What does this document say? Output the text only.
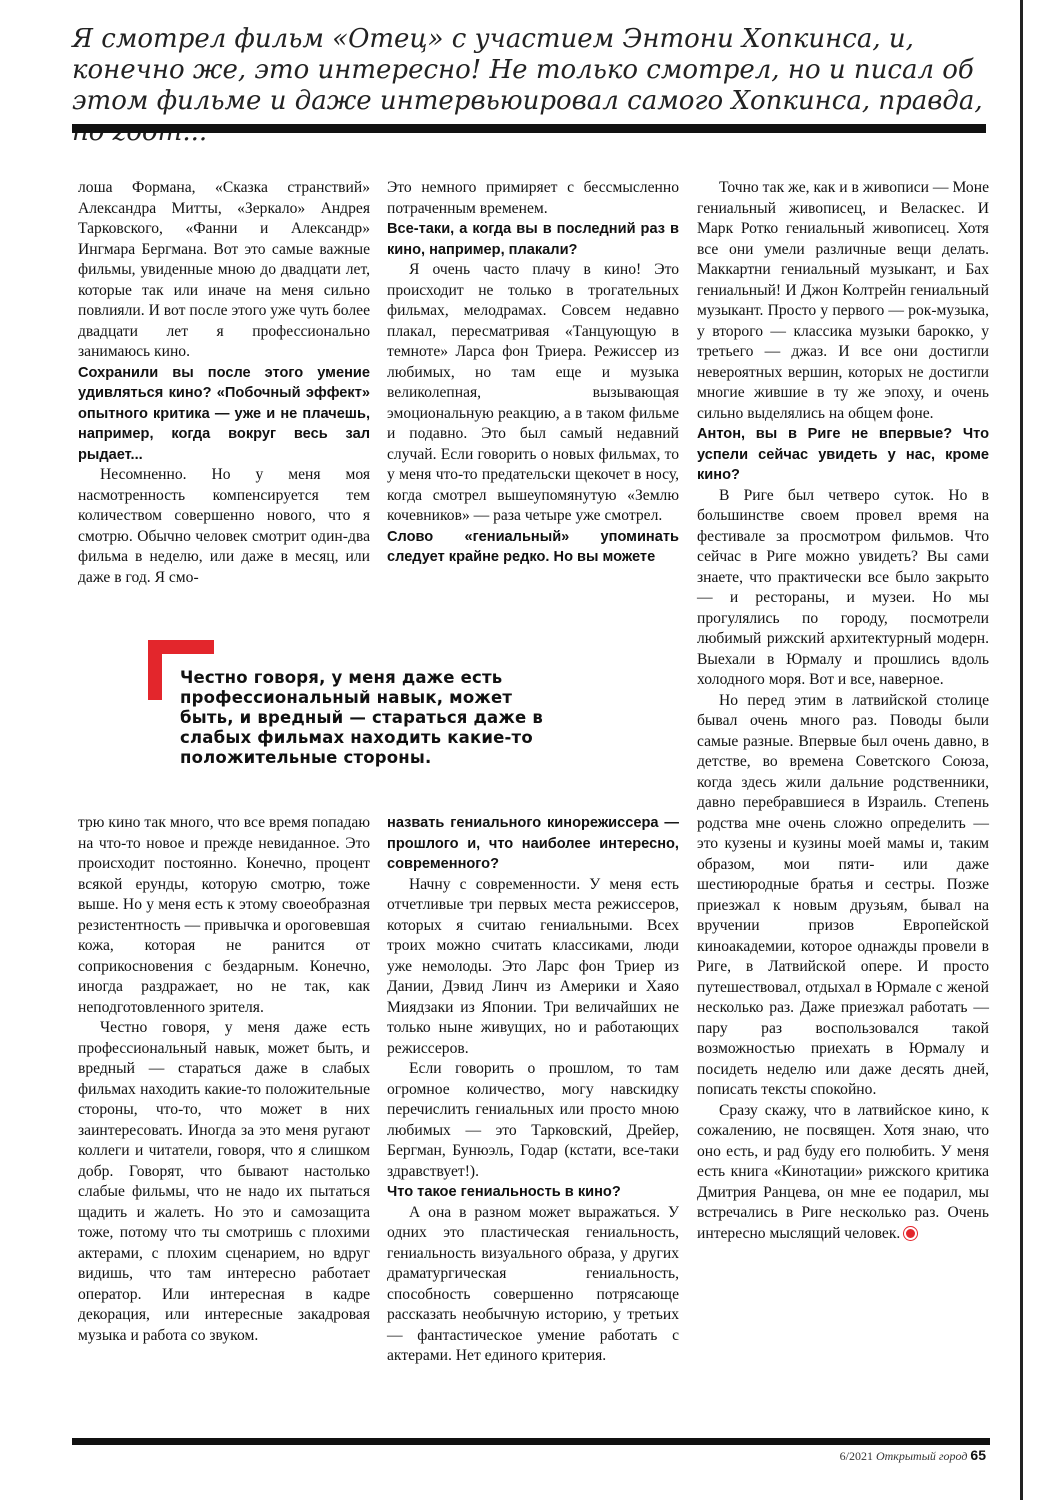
Я смотрел фильм «Отец» с участием Энтони Хопкинса, и, конечно же, это интересно! Не только смотрел, но и писал об этом фильме и даже интервьюировал самого Хопкинса, правда,

лоша Формана, «Сказка странствий» Александра Митты, «Зеркало» Андрея Тарковского, «Фанни и Александр» Ингмара Бергмана. Вот это самые важные фильмы, увиденные мною до двадцати лет, которые так или иначе на меня сильно повлияли. И вот после этого уже чуть более двадцати лет я профессионально занимаюсь кино.

Сохранили вы после этого умение удивляться кино? «Побочный эффект» опытного критика — уже и не плачешь, например, когда вокруг весь зал рыдает...

Несомненно. Но у меня моя насмотренность компенсируется тем количеством совершенно нового, что я смотрю. Обычно человек смотрит один-два фильма в неделю, или даже в месяц, или даже в год. Я смо-

Это немного примиряет с бессмысленно потраченным временем.

Все-таки, а когда вы в последний раз в кино, например, плакали?

Я очень часто плачу в кино! Это происходит не только в трогательных фильмах, мелодрамах. Совсем недавно плакал, пересматривая «Танцующую в темноте» Ларса фон Триера. Режиссер из любимых, но там еще и музыка великолепная, вызывающая эмоциональную реакцию, а в таком фильме и подавно. Это был самый недавний случай. Если говорить о новых фильмах, то у меня что-то предательски щекочет в носу, когда смотрел вышеупомянутую «Землю кочевников» — раза четыре уже смотрел.

Слово «гениальный» упоминать следует крайне редко. Но вы можете

Честно говоря, у меня даже есть профессиональный навык, может быть, и вредный — стараться даже в слабых фильмах находить какие-то положительные стороны.

трю кино так много, что все время попадаю на что-то новое и прежде невиданное. Это происходит постоянно. Конечно, процент всякой ерунды, которую смотрю, тоже выше. Но у меня есть к этому своеобразная резистентность — привычка и ороговевшая кожа, которая не ранится от соприкосновения с бездарным. Конечно, иногда раздражает, но не так, как неподготовленного зрителя.

Честно говоря, у меня даже есть профессиональный навык, может быть, и вредный — стараться даже в слабых фильмах находить какие-то положительные стороны, что-то, что может в них заинтересовать. Иногда за это меня ругают коллеги и читатели, говоря, что я слишком добр. Говорят, что бывают настолько слабые фильмы, что не надо их пытаться щадить и жалеть. Но это и самозащита тоже, потому что ты смотришь с плохими актерами, с плохим сценарием, но вдруг видишь, что там интересно работает оператор. Или интересная в кадре декорация, или интересные закадровая музыка и работа со звуком.

назвать гениального кинорежиссера — прошлого и, что наиболее интересно, современного?

Начну с современности. У меня есть отчетливые три первых места режиссеров, которых я считаю гениальными. Всех троих можно считать классиками, люди уже немолоды. Это Ларс фон Триер из Дании, Дэвид Линч из Америки и Хаяо Миядзаки из Японии. Три величайших не только ныне живущих, но и работающих режиссеров.

Если говорить о прошлом, то там огромное количество, могу навскидку перечислить гениальных или просто мною любимых — это Тарковский, Дрейер, Бергман, Бунюэль, Годар (кстати, все-таки здравствует!).

Что такое гениальность в кино?

А она в разном может выражаться. У одних это пластическая гениальность, гениальность визуального образа, у других драматургическая гениальность, способность совершенно потрясающе рассказать необычную историю, у третьих — фантастическое умение работать с актерами. Нет единого критерия.

Точно так же, как и в живописи — Моне гениальный живописец, и Веласкес. И Марк Ротко гениальный живописец. Хотя все они умели различные вещи делать. Маккартни гениальный музыкант, и Бах гениальный! И Джон Колтрейн гениальный музыкант. Просто у первого — рок-музыка, у второго — классика музыки барокко, у третьего — джаз. И все они достигли невероятных вершин, которых не достигли многие жившие в ту же эпоху, и очень сильно выделялись на общем фоне.

Антон, вы в Риге не впервые? Что успели сейчас увидеть у нас, кроме кино?

В Риге был четверо суток. Но в большинстве своем провел время на фестивале за просмотром фильмов. Что сейчас в Риге можно увидеть? Вы сами знаете, что практически все было закрыто — и рестораны, и музеи. Но мы прогулялись по городу, посмотрели любимый рижский архитектурный модерн. Выехали в Юрмалу и прошлись вдоль холодного моря. Вот и все, наверное.

Но перед этим в латвийской столице бывал очень много раз. Поводы были самые разные. Впервые был очень давно, в детстве, во времена Советского Союза, когда здесь жили дальние родственники, давно перебравшиеся в Израиль. Степень родства мне очень сложно определить — это кузены и кузины моей мамы и, таким образом, мои пяти- или даже шестиюродные братья и сестры. Позже приезжал к новым друзьям, бывал на вручении призов Европейской киноакадемии, которое однажды провели в Риге, в Латвийской опере. И просто путешествовал, отдыхал в Юрмале с женой несколько раз. Даже приезжал работать — пару раз воспользовался такой возможностью приехать в Юрмалу и посидеть неделю или даже десять дней, пописать тексты спокойно.

Сразу скажу, что в латвийское кино, к сожалению, не посвящен. Хотя знаю, что оно есть, и рад буду его полюбить. У меня есть книга «Кинотации» рижского критика Дмитрия Ранцева, он мне ее подарил, мы встречались в Риге несколько раз. Очень интересно мыслящий человек.

6/2021 Открытый город 65
